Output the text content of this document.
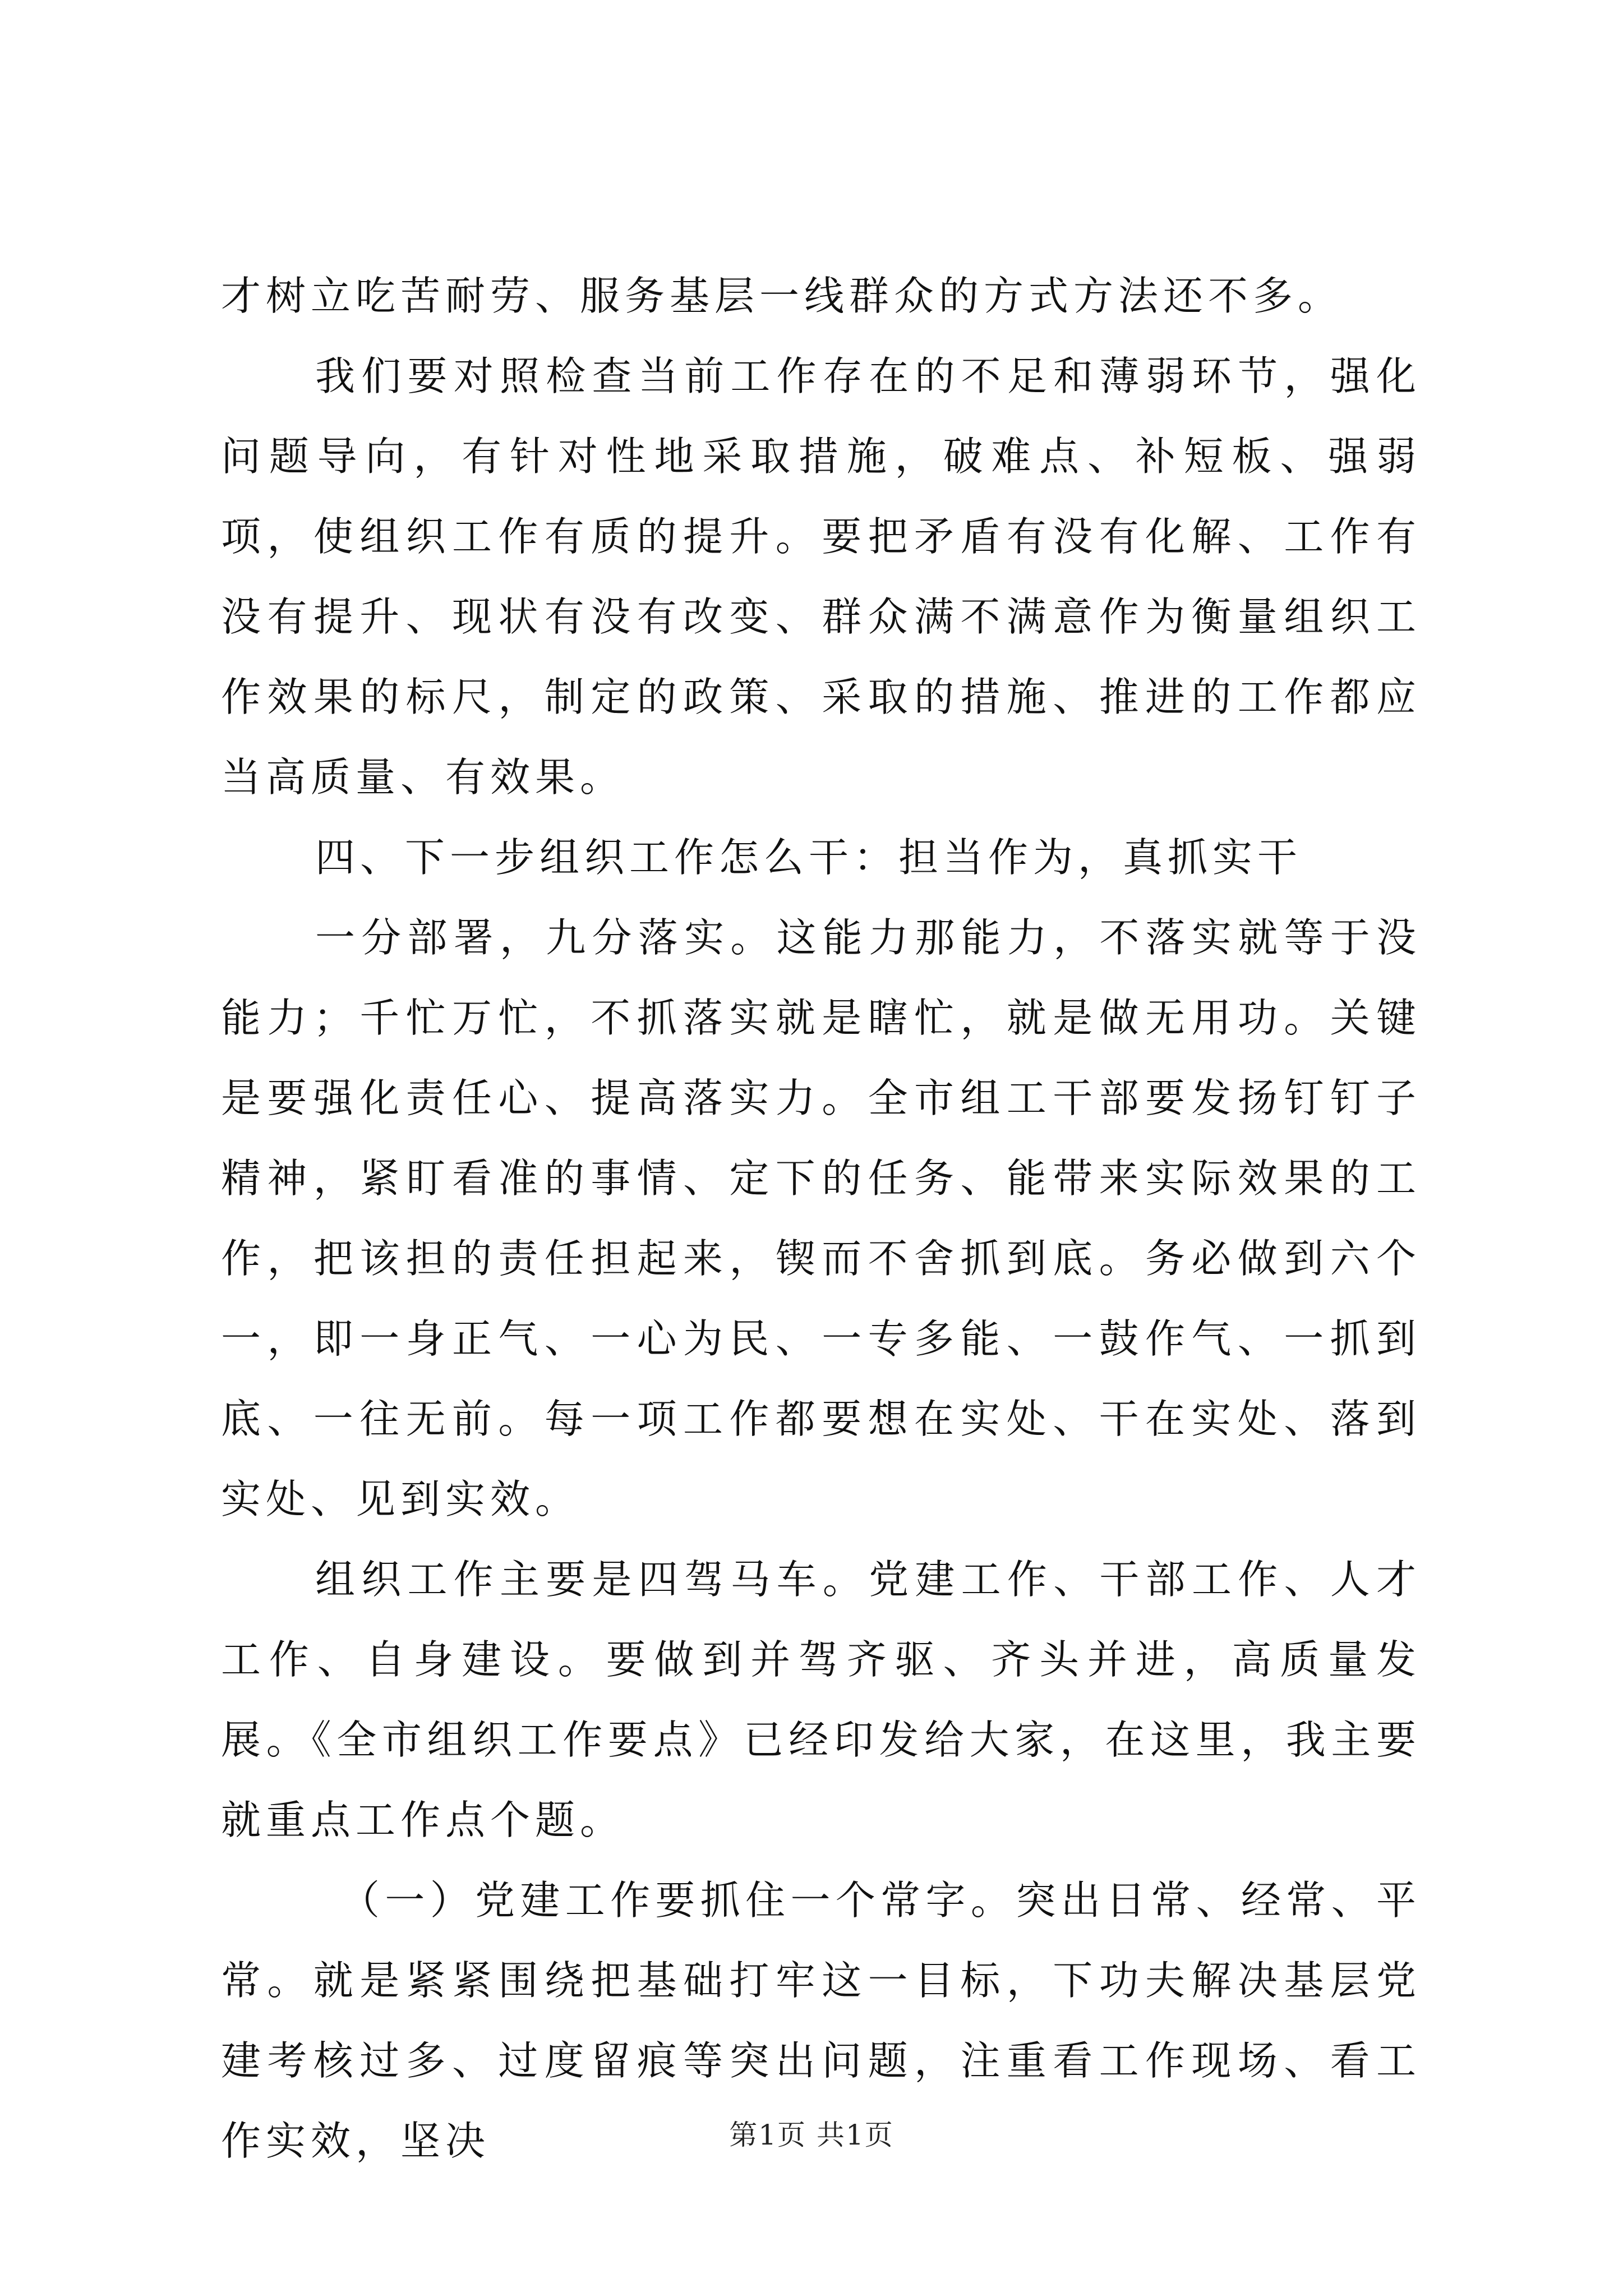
才树立吃苦耐劳、服务基层一线群众的方式方法还不多。

我们要对照检查当前工作存在的不足和薄弱环节，强化问题导向，有针对性地采取措施，破难点、补短板、强弱项，使组织工作有质的提升。要把矛盾有没有化解、工作有没有提升、现状有没有改变、群众满不满意作为衡量组织工作效果的标尺，制定的政策、采取的措施、推进的工作都应当高质量、有效果。

四、下一步组织工作怎么干：担当作为，真抓实干

一分部署，九分落实。这能力那能力，不落实就等于没能力；千忙万忙，不抓落实就是瞎忙，就是做无用功。关键是要强化责任心、提高落实力。全市组工干部要发扬钉钉子精神，紧盯看准的事情、定下的任务、能带来实际效果的工作，把该担的责任担起来，锲而不舍抓到底。务必做到六个一，即一身正气、一心为民、一专多能、一鼓作气、一抓到底、一往无前。每一项工作都要想在实处、干在实处、落到实处、见到实效。

组织工作主要是四驾马车。党建工作、干部工作、人才工作、自身建设。要做到并驾齐驱、齐头并进，高质量发展。《全市组织工作要点》已经印发给大家，在这里，我主要就重点工作点个题。

（一）党建工作要抓住一个常字。突出日常、经常、平常。就是紧紧围绕把基础打牢这一目标，下功夫解决基层党建考核过多、过度留痕等突出问题，注重看工作现场、看工作实效，坚决	第1页 共1页
